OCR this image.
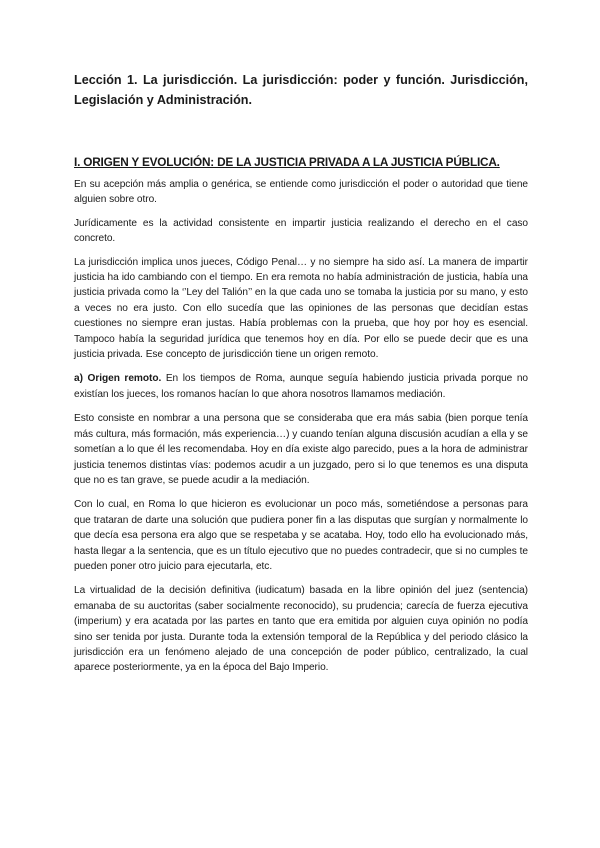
Lección 1. La jurisdicción. La jurisdicción: poder y función. Jurisdicción, Legislación y Administración.
I. ORIGEN Y EVOLUCIÓN: DE LA JUSTICIA PRIVADA A LA JUSTICIA PÚBLICA.

En su acepción más amplia o genérica, se entiende como jurisdicción el poder o autoridad que tiene alguien sobre otro.

Jurídicamente es la actividad consistente en impartir justicia realizando el derecho en el caso concreto.

La jurisdicción implica unos jueces, Código Penal… y no siempre ha sido así. La manera de impartir justicia ha ido cambiando con el tiempo. En era remota no había administración de justicia, había una justicia privada como la ‘’Ley del Talión’’ en la que cada uno se tomaba la justicia por su mano, y esto a veces no era justo. Con ello sucedía que las opiniones de las personas que decidían estas cuestiones no siempre eran justas. Había problemas con la prueba, que hoy por hoy es esencial. Tampoco había la seguridad jurídica que tenemos hoy en día. Por ello se puede decir que es una justicia privada. Ese concepto de jurisdicción tiene un origen remoto.

a) Origen remoto. En los tiempos de Roma, aunque seguía habiendo justicia privada porque no existían los jueces, los romanos hacían lo que ahora nosotros llamamos mediación.

Esto consiste en nombrar a una persona que se consideraba que era más sabia (bien porque tenía más cultura, más formación, más experiencia…) y cuando tenían alguna discusión acudían a ella y se sometían a lo que él les recomendaba. Hoy en día existe algo parecido, pues a la hora de administrar justicia tenemos distintas vías: podemos acudir a un juzgado, pero si lo que tenemos es una disputa que no es tan grave, se puede acudir a la mediación.

Con lo cual, en Roma lo que hicieron es evolucionar un poco más, sometiéndose a personas para que trataran de darte una solución que pudiera poner fin a las disputas que surgían y normalmente lo que decía esa persona era algo que se respetaba y se acataba. Hoy, todo ello ha evolucionado más, hasta llegar a la sentencia, que es un título ejecutivo que no puedes contradecir, que si no cumples te pueden poner otro juicio para ejecutarla, etc.

La virtualidad de la decisión definitiva (iudicatum) basada en la libre opinión del juez (sentencia) emanaba de su auctoritas (saber socialmente reconocido), su prudencia; carecía de fuerza ejecutiva (imperium) y era acatada por las partes en tanto que era emitida por alguien cuya opinión no podía sino ser tenida por justa. Durante toda la extensión temporal de la República y del periodo clásico la jurisdicción era un fenómeno alejado de una concepción de poder público, centralizado, la cual aparece posteriormente, ya en la época del Bajo Imperio.
